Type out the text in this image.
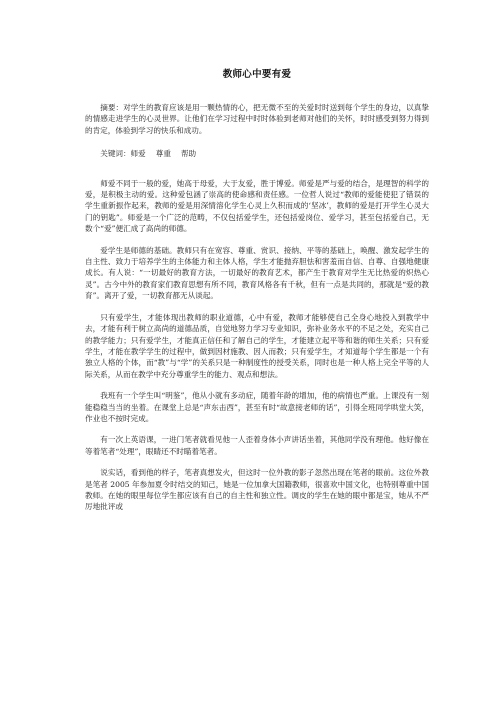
教师心中要有爱

摘要：对学生的教育应该是用一颗热情的心，把无微不至的关爱时时送到每个学生的身边，以真挚的情感走进学生的心灵世界。让他们在学习过程中时时体验到老师对他们的关怀，时时感受到努力得到的肯定，体验到学习的快乐和成功。

关键词：师爱　 尊重　 帮助

师爱不同于一般的爱，她高于母爱，大于友爱，胜于博爱。师爱是严与爱的结合，是理智的科学的爱，是积极主动的爱。这种爱包涵了崇高的使命感和责任感。一位哲人说过“教师的爱能使犯了错误的学生重新振作起来，教师的爱是用深情溶化学生心灵上久积而成的‘坚冰’，教师的爱是打开学生心灵大门的钥匙”。师爱是一个广泛的范畴，不仅包括爱学生，还包括爱岗位、爱学习，甚至包括爱自己，无数个“爱”便汇成了高尚的师德。

爱学生是师德的基础。教师只有在宽容、尊重、赏识、接纳、平等的基础上，唤醒、激发起学生的自主性、致力于培养学生的主体能力和主体人格，学生才能抛弃胆怯和害羞而自信、自尊、自强地健康成长。有人说：“一切最好的教育方法，一切最好的教育艺术，都产生于教育对学生无比热爱的炽热心灵”。古今中外的教育家们教育思想有所不同，教育风格各有千秋，但有一点是共同的，那就是“爱的教育”。离开了爱，一切教育都无从谈起。

只有爱学生，才能体现出教师的职业道德，心中有爱，教师才能够使自己全身心地投入到教学中去，才能有利于树立高尚的道德品质，自觉地努力学习专业知识，弥补业务水平的不足之处，充实自己的教学能力；只有爱学生，才能真正信任和了解自己的学生，才能建立起平等和谐的师生关系；只有爱学生，才能在教学学生的过程中，做到因材施教、因人而教；只有爱学生，才知道每个学生都是一个有独立人格的个体，而“教”与“学”的关系只是一种制度性的授受关系，同时也是一种人格上完全平等的人际关系，从而在教学中充分尊重学生的能力、观点和想法。

我班有一个学生叫“明鉴”，他从小就有多动症，随着年龄的增加，他的病情也严重。上课没有一刻能稳稳当当的坐着。在课堂上总是“声东击西”，甚至有时“故意接老师的话”，引得全班同学哄堂大笑，作业也不按时完成。

有一次上英语课，一进门笔者就看见他一人歪着身体小声讲话坐着，其他同学没有理他。他好像在等着笔者“处理”，眼睛还不时瞄着笔者。

说实话，看到他的样子，笔者真想发火，但这时一位外教的影子忽然出现在笔者的眼前。这位外教是笔者 2005 年参加夏令时结交的知己，她是一位加拿大国籍教师，很喜欢中国文化，也特别尊重中国教师。在她的眼里每位学生都应该有自己的自主性和独立性。调皮的学生在她的眼中都是宝，她从不严厉地批评或
